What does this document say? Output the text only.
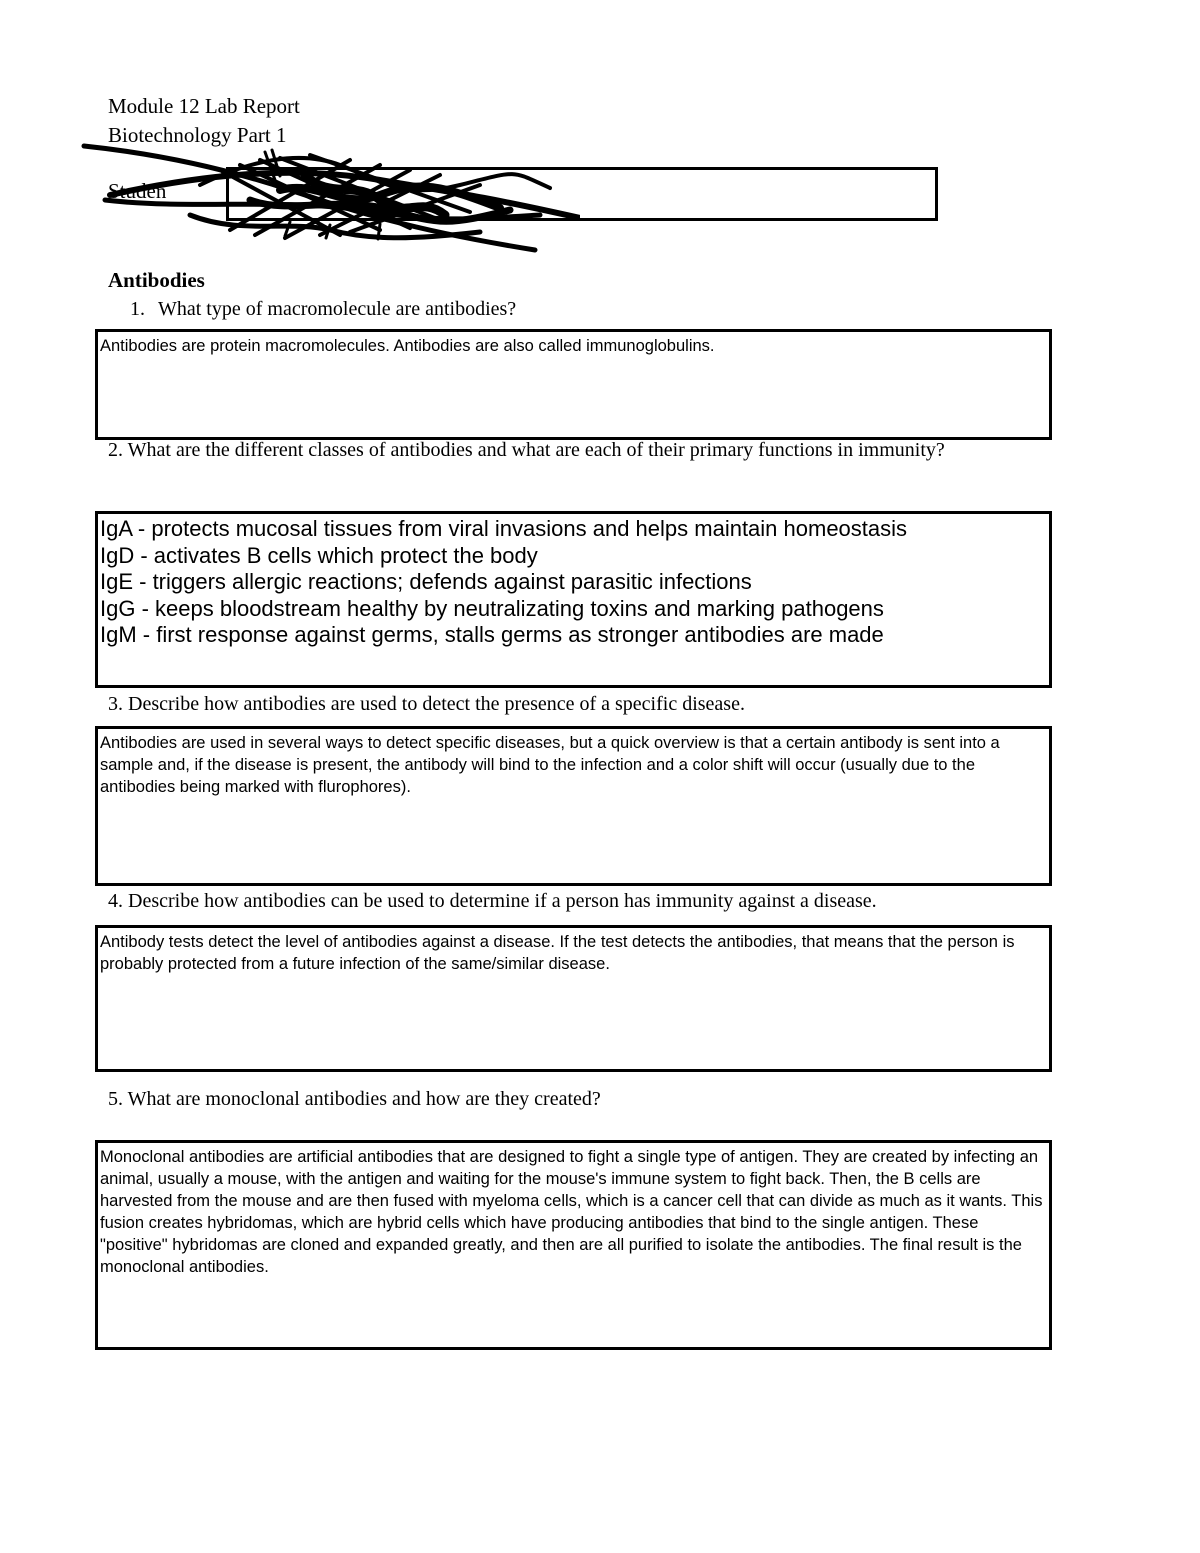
Module 12 Lab Report
Biotechnology Part 1
Studen
Antibodies
1. What type of macromolecule are antibodies?

Antibodies are protein macromolecules. Antibodies are also called immunoglobulins.

2. What are the different classes of antibodies and what are each of their primary functions in immunity?
IgA - protects mucosal tissues from viral invasions and helps maintain homeostasis
IgD - activates B cells which protect the body
IgE - triggers allergic reactions; defends against parasitic infections
IgG - keeps bloodstream healthy by neutralizating toxins and marking pathogens
IgM - first response against germs, stalls germs as stronger antibodies are made
3. Describe how antibodies are used to detect the presence of a specific disease.

Antibodies are used in several ways to detect specific diseases, but a quick overview is that a certain antibody is sent into a sample and, if the disease is present, the antibody will bind to the infection and a color shift will occur (usually due to the antibodies being marked with flurophores).

4. Describe how antibodies can be used to determine if a person has immunity against a disease.

Antibody tests detect the level of antibodies against a disease. If the test detects the antibodies, that means that the person is probably protected from a future infection of the same/similar disease.

5. What are monoclonal antibodies and how are they created?

Monoclonal antibodies are artificial antibodies that are designed to fight a single type of antigen. They are created by infecting an animal, usually a mouse, with the antigen and waiting for the mouse's immune system to fight back. Then, the B cells are harvested from the mouse and are then fused with myeloma cells, which is a cancer cell that can divide as much as it wants. This fusion creates hybridomas, which are hybrid cells which have producing antibodies that bind to the single antigen. These "positive" hybridomas are cloned and expanded greatly, and then are all purified to isolate the antibodies. The final result is the monoclonal antibodies.
